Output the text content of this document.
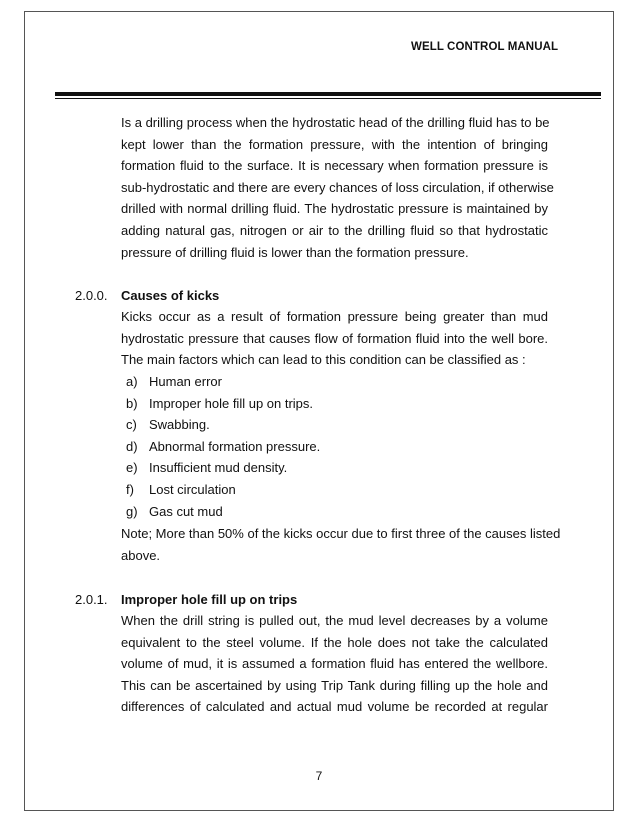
WELL CONTROL MANUAL
Is a drilling process when the hydrostatic head of the drilling fluid has to be
kept lower than the formation pressure, with the intention of bringing
formation fluid to the surface. It is necessary when formation pressure is
sub-hydrostatic and there are every chances of loss circulation, if otherwise
drilled with normal drilling fluid. The hydrostatic pressure is maintained by
adding natural gas, nitrogen or air to the drilling fluid so that hydrostatic
pressure of drilling fluid is lower than the formation pressure.
2.0.0. Causes of kicks
Kicks occur as a result of formation pressure being greater than mud
hydrostatic pressure that causes flow of formation fluid into the well bore.
The main factors which can lead to this condition can be classified as :
a) Human error
b) Improper hole fill up on trips.
c) Swabbing.
d) Abnormal formation pressure.
e) Insufficient mud density.
f) Lost circulation
g) Gas cut mud
Note; More than 50% of the kicks occur due to first three of the causes listed
above.
2.0.1. Improper hole fill up on trips
When the drill string is pulled out, the mud level decreases by a volume
equivalent to the steel volume. If the hole does not take the calculated
volume of mud, it is assumed a formation fluid has entered the wellbore.
This can be ascertained by using Trip Tank during filling up the hole and
differences of calculated and actual mud volume be recorded at regular
7
